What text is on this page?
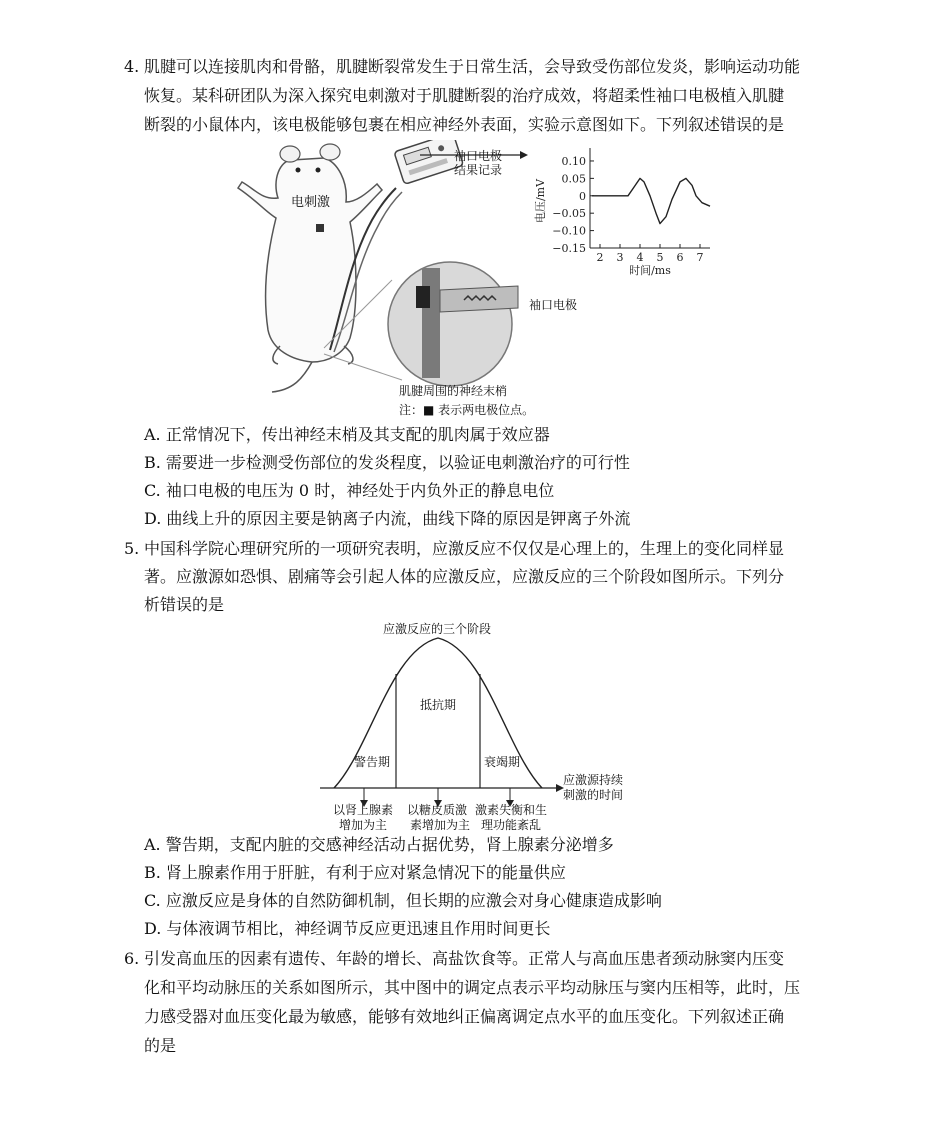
4. 肌腱可以连接肌肉和骨骼，肌腱断裂常发生于日常生活，会导致受伤部位发炎，影响运动功能
恢复。某科研团队为深入探究电刺激对于肌腱断裂的治疗成效，将超柔性袖口电极植入肌腱
断裂的小鼠体内，该电极能够包裹在相应神经外表面，实验示意图如下。下列叙述错误的是
电刺激
袖口电极
结果记录
袖口电极
肌腱周围的神经末梢
注：■ 表示两电极位点。
0.10
0.05
0
−0.05
−0.10
−0.15
2 3 4 5 6 7
时间/ms
电压/mV
A. 正常情况下，传出神经末梢及其支配的肌肉属于效应器
B. 需要进一步检测受伤部位的发炎程度，以验证电刺激治疗的可行性
C. 袖口电极的电压为 0 时，神经处于内负外正的静息电位
D. 曲线上升的原因主要是钠离子内流，曲线下降的原因是钾离子外流
5. 中国科学院心理研究所的一项研究表明，应激反应不仅仅是心理上的，生理上的变化同样显
著。应激源如恐惧、剧痛等会引起人体的应激反应，应激反应的三个阶段如图所示。下列分
析错误的是
应激反应的三个阶段
警告期
抵抗期
衰竭期
应激源持续
刺激的时间
以肾上腺素
增加为主
以糖皮质激
素增加为主
激素失衡和生
理功能紊乱
A. 警告期，支配内脏的交感神经活动占据优势，肾上腺素分泌增多
B. 肾上腺素作用于肝脏，有利于应对紧急情况下的能量供应
C. 应激反应是身体的自然防御机制，但长期的应激会对身心健康造成影响
D. 与体液调节相比，神经调节反应更迅速且作用时间更长
6. 引发高血压的因素有遗传、年龄的增长、高盐饮食等。正常人与高血压患者颈动脉窦内压变
化和平均动脉压的关系如图所示，其中图中的调定点表示平均动脉压与窦内压相等，此时，压
力感受器对血压变化最为敏感，能够有效地纠正偏离调定点水平的血压变化。下列叙述正确
的是
